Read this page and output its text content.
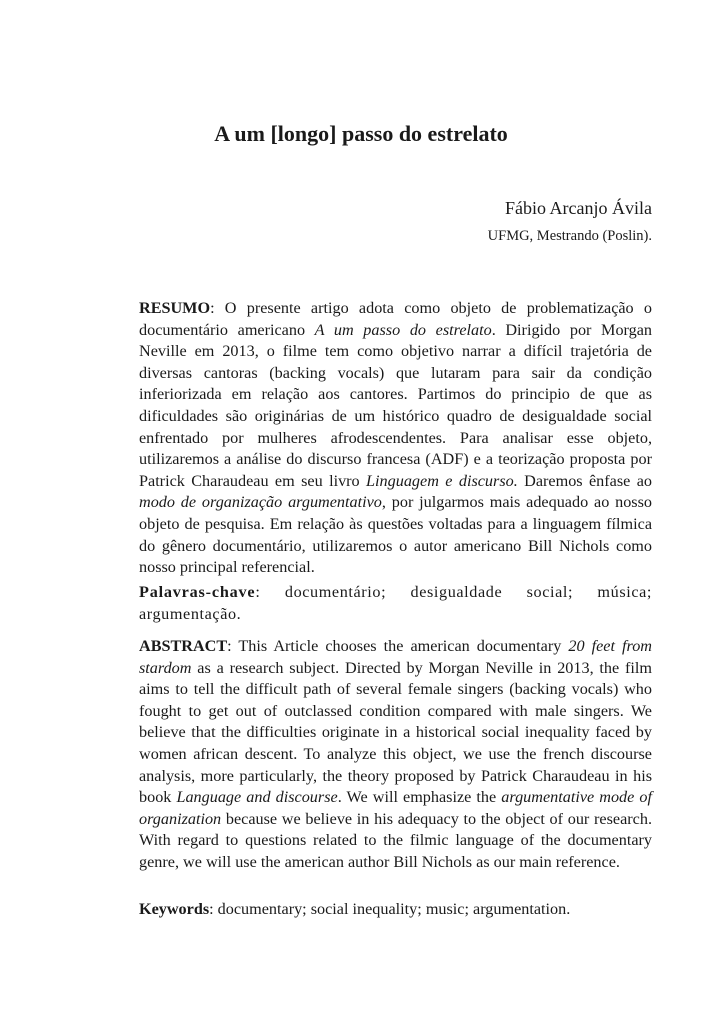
A um [longo] passo do estrelato
Fábio Arcanjo Ávila
UFMG, Mestrando (Poslin).

RESUMO: O presente artigo adota como objeto de problematização o documentário americano A um passo do estrelato. Dirigido por Morgan Neville em 2013, o filme tem como objetivo narrar a difícil trajetória de diversas cantoras (backing vocals) que lutaram para sair da condição inferiorizada em relação aos cantores. Partimos do principio de que as dificuldades são originárias de um histórico quadro de desigualdade social enfrentado por mulheres afrodescendentes. Para analisar esse objeto, utilizaremos a análise do discurso francesa (ADF) e a teorização proposta por Patrick Charaudeau em seu livro Linguagem e discurso. Daremos ênfase ao modo de organização argumentativo, por julgarmos mais adequado ao nosso objeto de pesquisa. Em relação às questões voltadas para a linguagem fílmica do gênero documentário, utilizaremos o autor americano Bill Nichols como nosso principal referencial.

Palavras-chave: documentário; desigualdade social; música; argumentação.

ABSTRACT: This Article chooses the american documentary 20 feet from stardom as a research subject. Directed by Morgan Neville in 2013, the film aims to tell the difficult path of several female singers (backing vocals) who fought to get out of outclassed condition compared with male singers. We believe that the difficulties originate in a historical social inequality faced by women african descent. To analyze this object, we use the french discourse analysis, more particularly, the theory proposed by Patrick Charaudeau in his book Language and discourse. We will emphasize the argumentative mode of organization because we believe in his adequacy to the object of our research. With regard to questions related to the filmic language of the documentary genre, we will use the american author Bill Nichols as our main reference.

Keywords: documentary; social inequality; music; argumentation.
